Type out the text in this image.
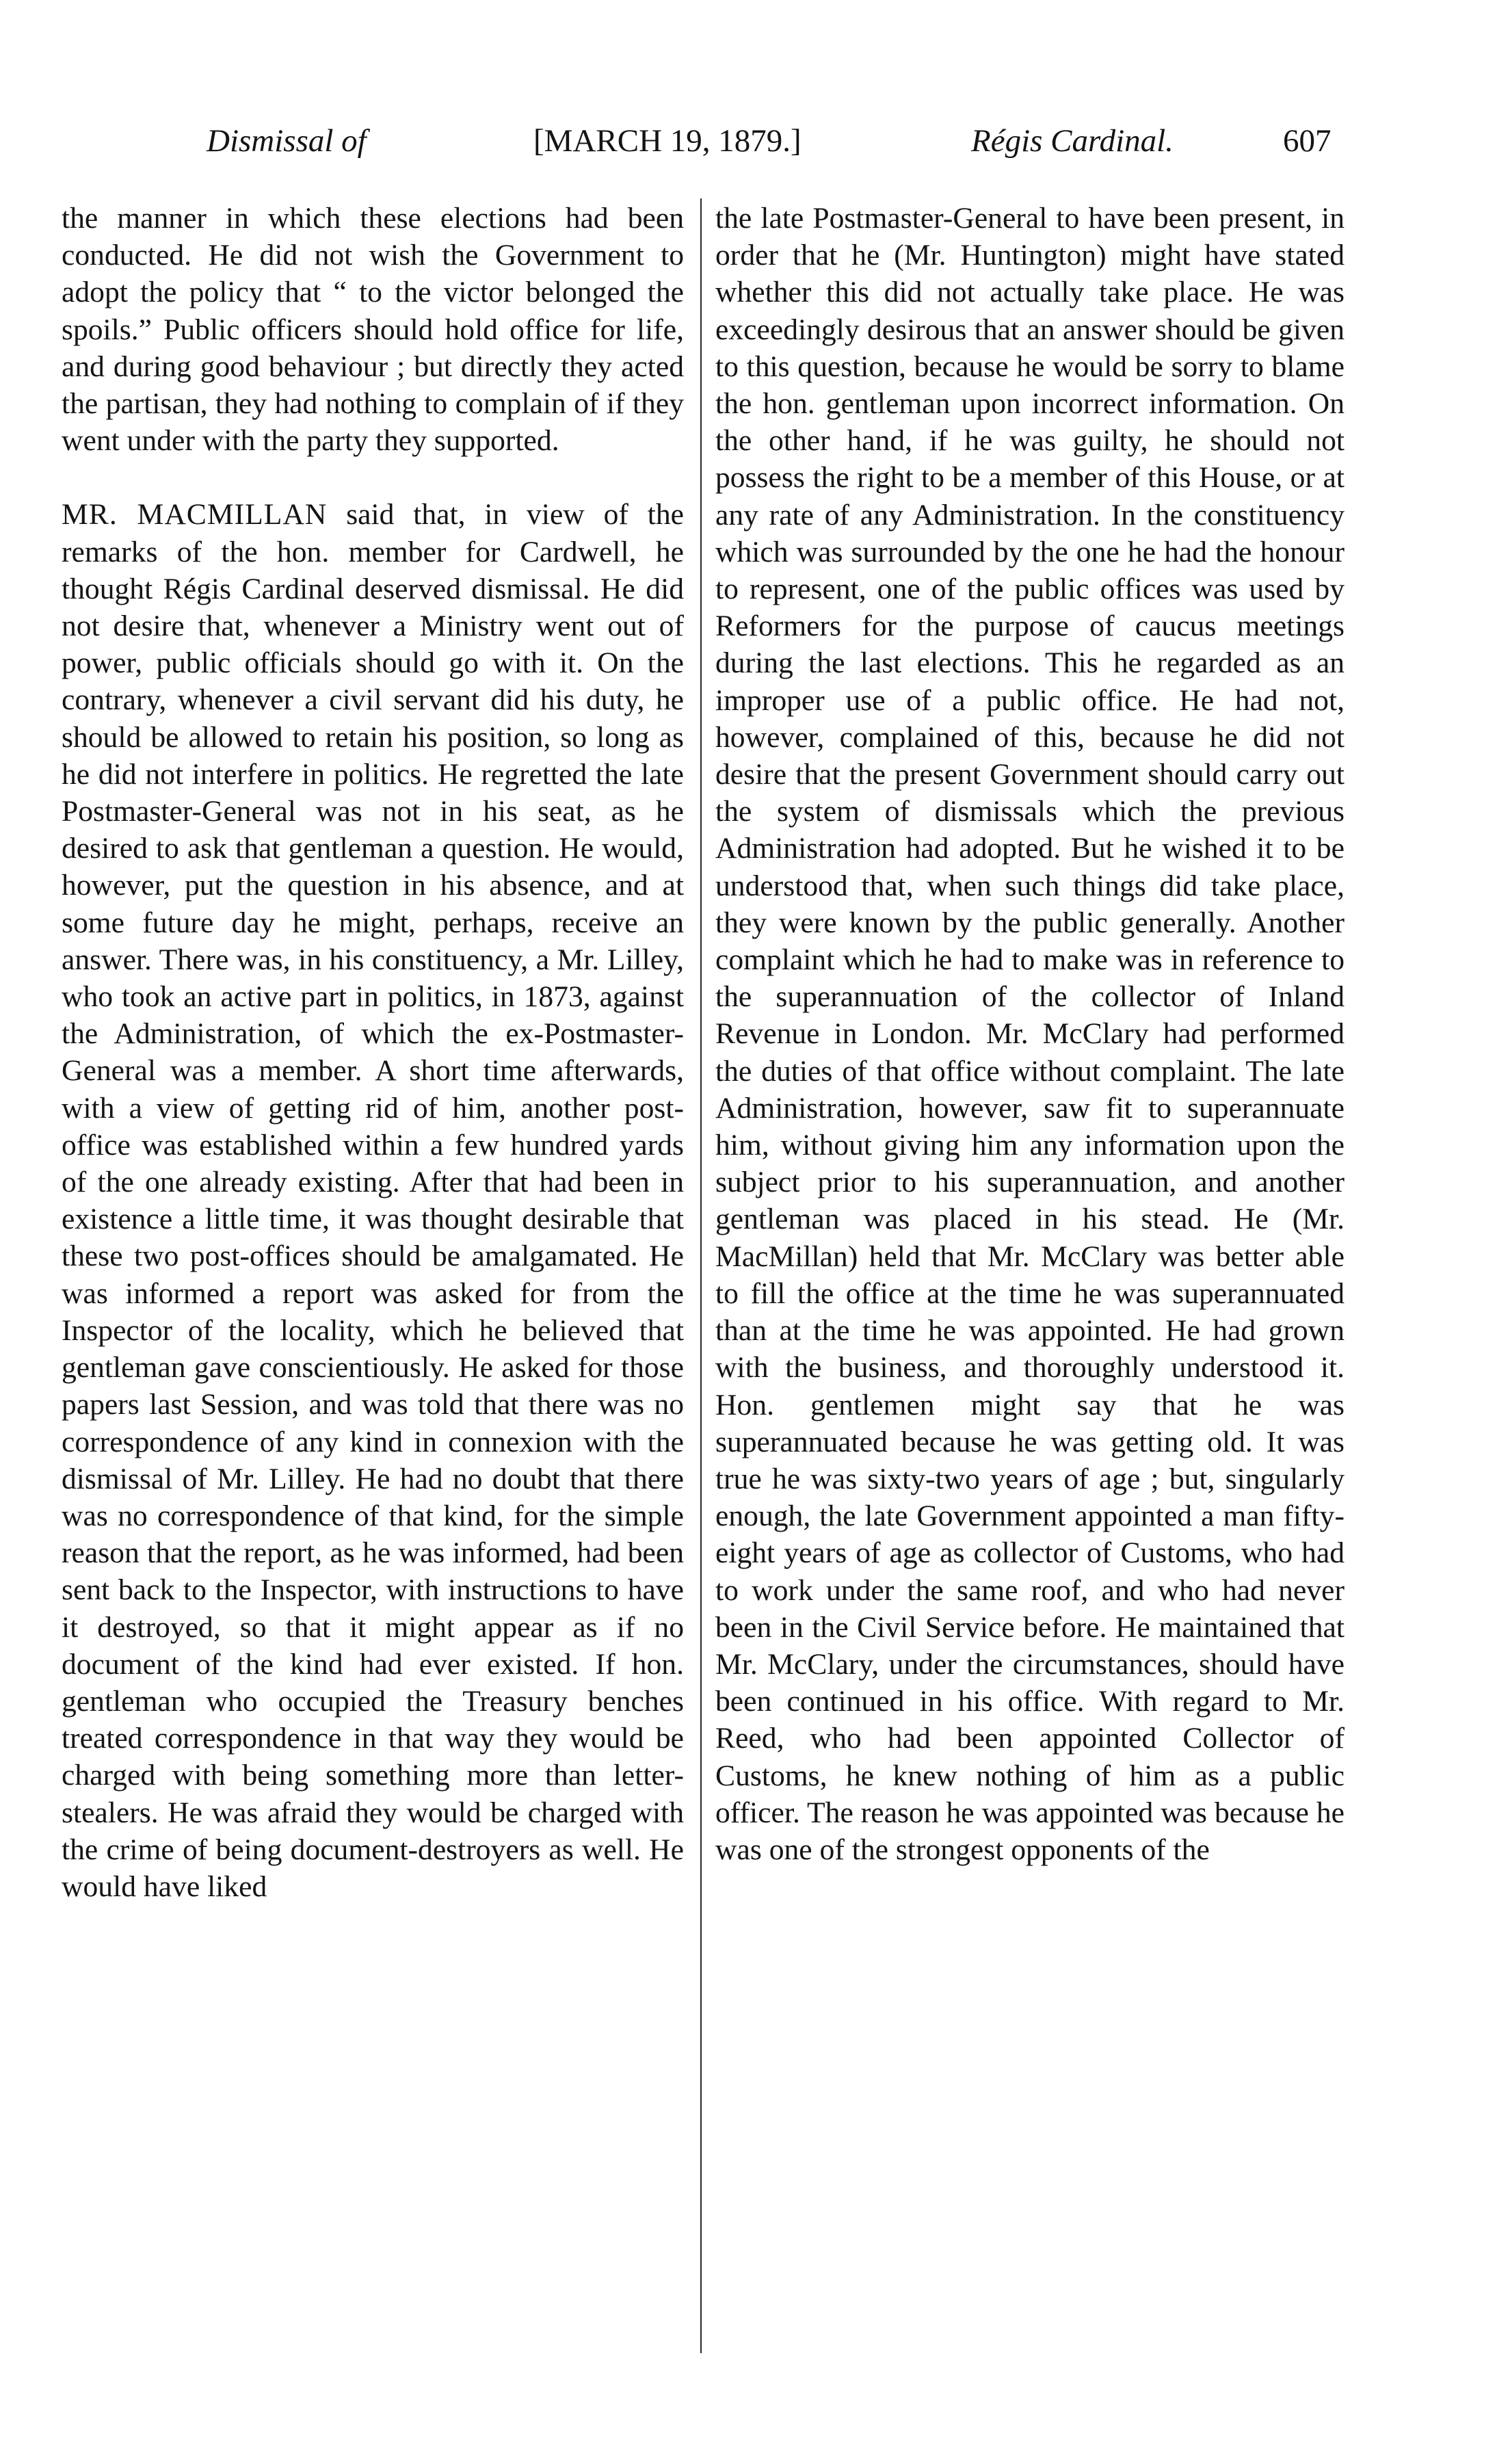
Dismissal of	[MARCH 19, 1879.]	Régis Cardinal.	607

the manner in which these elections had been conducted. He did not wish the Government to adopt the policy that “ to the victor belonged the spoils.” Public officers should hold office for life, and during good behaviour ; but directly they acted the partisan, they had nothing to complain of if they went under with the party they supported.

MR. MACMILLAN said that, in view of the remarks of the hon. member for Cardwell, he thought Régis Cardinal deserved dismissal. He did not desire that, whenever a Ministry went out of power, public officials should go with it. On the contrary, whenever a civil servant did his duty, he should be allowed to retain his position, so long as he did not interfere in politics. He regretted the late Postmaster-General was not in his seat, as he desired to ask that gentleman a question. He would, however, put the question in his absence, and at some future day he might, perhaps, receive an answer. There was, in his constituency, a Mr. Lilley, who took an active part in politics, in 1873, against the Administration, of which the ex-Postmaster-General was a member. A short time afterwards, with a view of getting rid of him, another post-office was established within a few hundred yards of the one already existing. After that had been in existence a little time, it was thought desirable that these two post-offices should be amalgamated. He was informed a report was asked for from the Inspector of the locality, which he believed that gentleman gave conscientiously. He asked for those papers last Session, and was told that there was no correspondence of any kind in connexion with the dismissal of Mr. Lilley. He had no doubt that there was no correspondence of that kind, for the simple reason that the report, as he was informed, had been sent back to the Inspector, with instructions to have it destroyed, so that it might appear as if no document of the kind had ever existed. If hon. gentleman who occupied the Treasury benches treated correspondence in that way they would be charged with being something more than letter-stealers. He was afraid they would be charged with the crime of being document-destroyers as well. He would have liked

the late Postmaster-General to have been present, in order that he (Mr. Huntington) might have stated whether this did not actually take place. He was exceedingly desirous that an answer should be given to this question, because he would be sorry to blame the hon. gentleman upon incorrect information. On the other hand, if he was guilty, he should not possess the right to be a member of this House, or at any rate of any Administration. In the constituency which was surrounded by the one he had the honour to represent, one of the public offices was used by Reformers for the purpose of caucus meetings during the last elections. This he regarded as an improper use of a public office. He had not, however, complained of this, because he did not desire that the present Government should carry out the system of dismissals which the previous Administration had adopted. But he wished it to be understood that, when such things did take place, they were known by the public generally. Another complaint which he had to make was in reference to the superannuation of the collector of Inland Revenue in London. Mr. McClary had performed the duties of that office without complaint. The late Administration, however, saw fit to superannuate him, without giving him any information upon the subject prior to his superannuation, and another gentleman was placed in his stead. He (Mr. MacMillan) held that Mr. McClary was better able to fill the office at the time he was superannuated than at the time he was appointed. He had grown with the business, and thoroughly understood it. Hon. gentlemen might say that he was superannuated because he was getting old. It was true he was sixty-two years of age ; but, singularly enough, the late Government appointed a man fifty-eight years of age as collector of Customs, who had to work under the same roof, and who had never been in the Civil Service before. He maintained that Mr. McClary, under the circumstances, should have been continued in his office. With regard to Mr. Reed, who had been appointed Collector of Customs, he knew nothing of him as a public officer. The reason he was appointed was because he was one of the strongest opponents of the
